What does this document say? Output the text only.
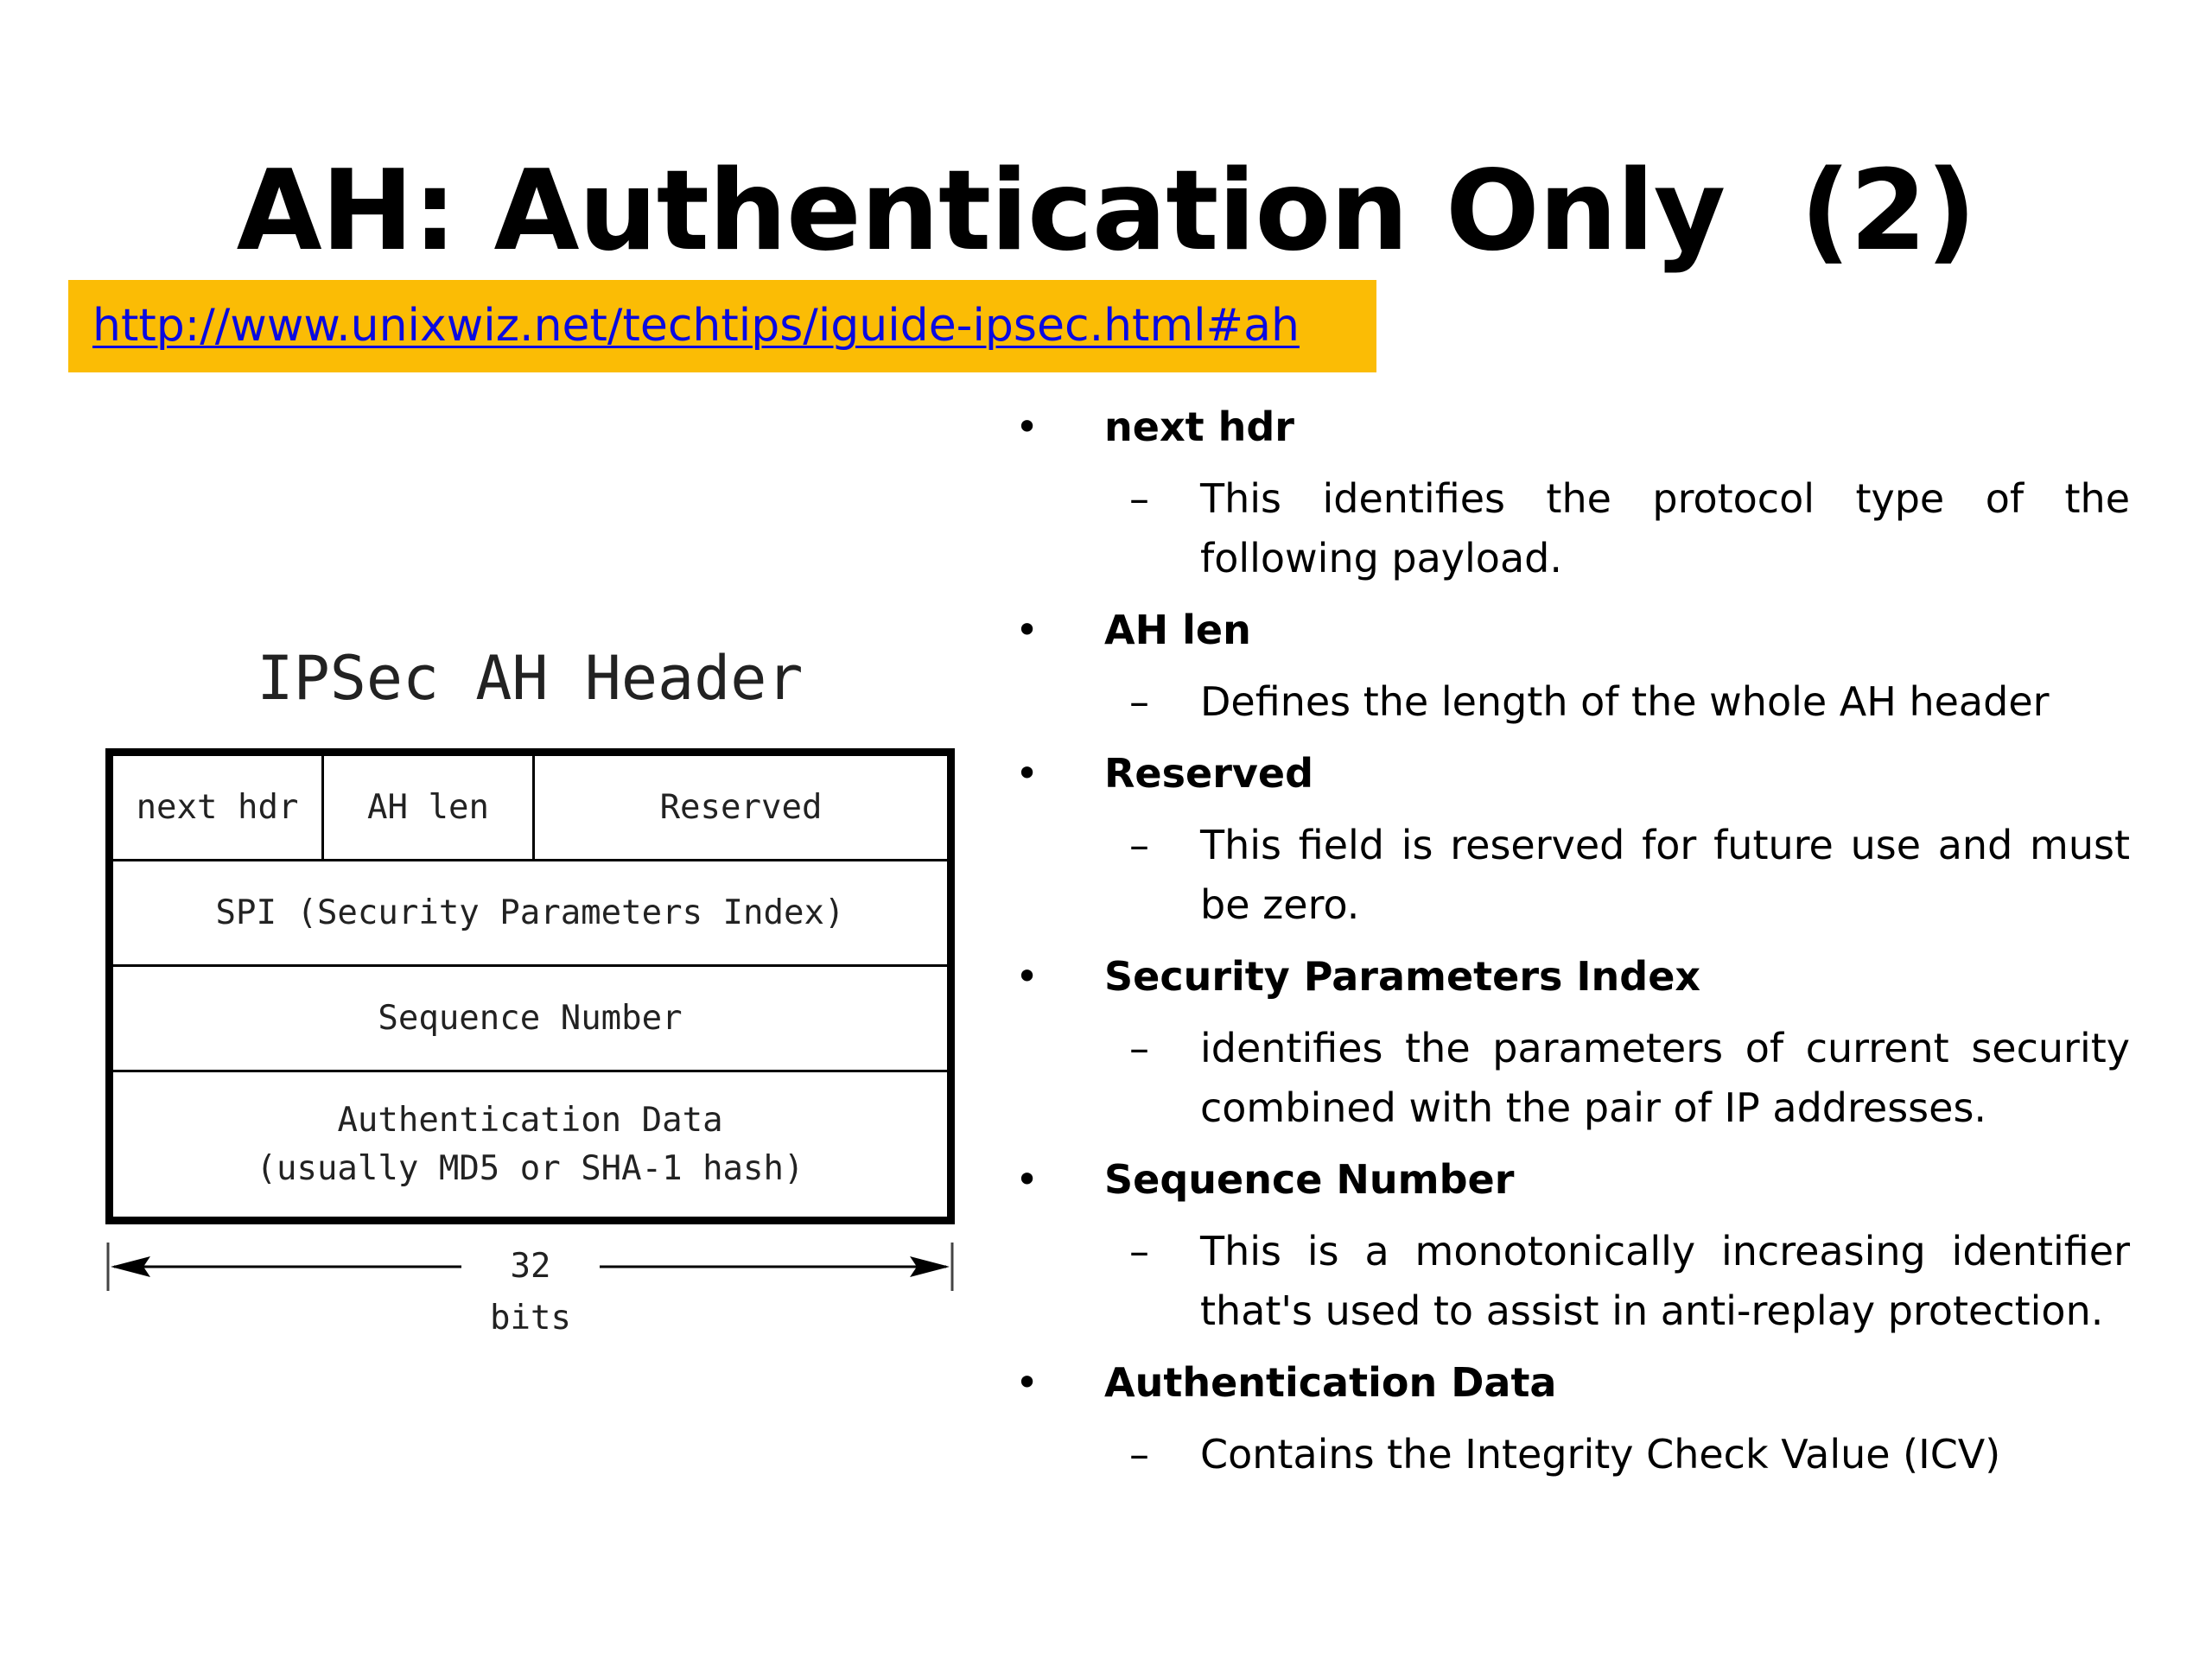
AH: Authentication Only  (2)
http://www.unixwiz.net/techtips/iguide-ipsec.html#ah
IPSec AH Header
next hdr	AH len	Reserved
SPI (Security Parameters Index)
Sequence Number
Authentication Data
(usually MD5 or SHA-1 hash)
32 bits
• next hdr
– This identifies the protocol type of the following payload.
• AH len
– Defines the length of the whole AH header
• Reserved
– This field is reserved for future use and must be zero.
• Security Parameters Index
– identifies the parameters of current security combined with the pair of IP addresses.
• Sequence Number
– This is a monotonically increasing identifier that's used to assist in anti-replay protection.
• Authentication Data
– Contains the Integrity Check Value (ICV)
